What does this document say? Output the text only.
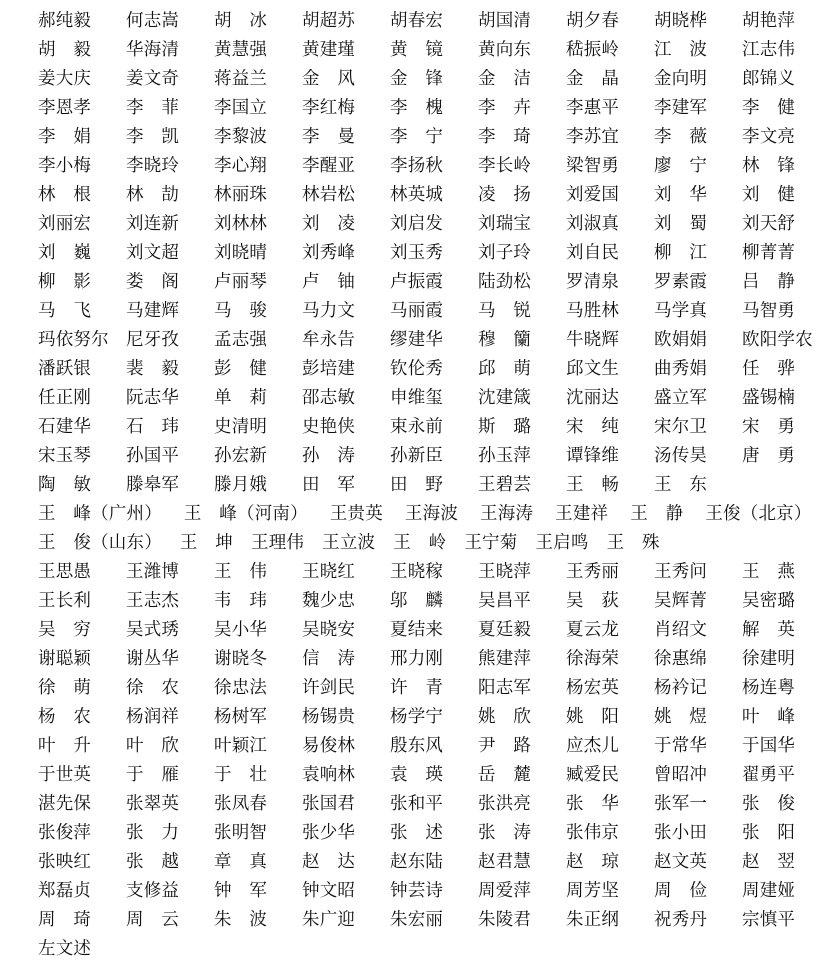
郝纯毅	何志嵩	胡　冰	胡超苏	胡春宏	胡国清	胡夕春	胡晓桦	胡艳萍
胡　毅	华海清	黄慧强	黄建瑾	黄　镜	黄向东	嵇振岭	江　波	江志伟
姜大庆	姜文奇	蒋益兰	金　风	金　锋	金　洁	金　晶	金向明	郎锦义
李恩孝	李　菲	李国立	李红梅	李　槐	李　卉	李惠平	李建军	李　健
李　娟	李　凯	李黎波	李　曼	李　宁	李　琦	李苏宜	李　薇	李文亮
李小梅	李晓玲	李心翔	李醒亚	李扬秋	李长岭	梁智勇	廖　宁	林　锋
林　根	林　劼	林丽珠	林岩松	林英城	凌　扬	刘爱国	刘　华	刘　健
刘丽宏	刘连新	刘林林	刘　凌	刘启发	刘瑞宝	刘淑真	刘　蜀	刘天舒
刘　巍	刘文超	刘晓晴	刘秀峰	刘玉秀	刘子玲	刘自民	柳　江	柳菁菁
柳　影	娄　阁	卢丽琴	卢　铀	卢振霞	陆劲松	罗清泉	罗素霞	吕　静
马　飞	马建辉	马　骏	马力文	马丽霞	马　锐	马胜林	马学真	马智勇
玛依努尔 尼牙孜	孟志强	牟永告	缪建华	穆　籣	牛晓辉	欧娟娟	欧阳学农
潘跃银	裴　毅	彭　健	彭培建	钦伦秀	邱　萌	邱文生	曲秀娟	任　骅
任正刚	阮志华	单　莉	邵志敏	申维玺	沈建箴	沈丽达	盛立军	盛锡楠
石建华	石　玮	史清明	史艳侠	束永前	斯　璐	宋　纯	宋尔卫	宋　勇
宋玉琴	孙国平	孙宏新	孙　涛	孙新臣	孙玉萍	谭锋维	汤传昊	唐　勇
陶　敏	滕皋军	滕月娥	田　军	田　野	王碧芸	王　畅	王　东
王　峰（广州） 王　峰（河南） 王贵英 王海波 王海涛 王建祥 王　静 王俊（北京）
王　俊（山东） 王　坤 王理伟 王立波 王　岭 王宁菊 王启鸣 王　殊
王思愚	王潍博	王　伟	王晓红	王晓稼	王晓萍	王秀丽	王秀问	王　燕
王长利	王志杰	韦　玮	魏少忠	邬　麟	吴昌平	吴　荻	吴辉菁	吴密璐
吴　穷	吴式琇	吴小华	吴晓安	夏结来	夏廷毅	夏云龙	肖绍文	解　英
谢聪颖	谢丛华	谢晓冬	信　涛	邢力刚	熊建萍	徐海荣	徐惠绵	徐建明
徐　萌	徐　农	徐忠法	许剑民	许　青	阳志军	杨宏英	杨衿记	杨连粤
杨　农	杨润祥	杨树军	杨锡贵	杨学宁	姚　欣	姚　阳	姚　煜	叶　峰
叶　升	叶　欣	叶颖江	易俊林	殷东风	尹　路	应杰儿	于常华	于国华
于世英	于　雁	于　壮	袁响林	袁　瑛	岳　麓	臧爱民	曾昭冲	翟勇平
湛先保	张翠英	张凤春	张国君	张和平	张洪亮	张　华	张军一	张　俊
张俊萍	张　力	张明智	张少华	张　述	张　涛	张伟京	张小田	张　阳
张映红	张　越	章　真	赵　达	赵东陆	赵君慧	赵　琼	赵文英	赵　翌
郑磊贞	支修益	钟　军	钟文昭	钟芸诗	周爱萍	周芳坚	周　俭	周建娅
周　琦	周　云	朱　波	朱广迎	朱宏丽	朱陵君	朱正纲	祝秀丹	宗慎平
左文述
